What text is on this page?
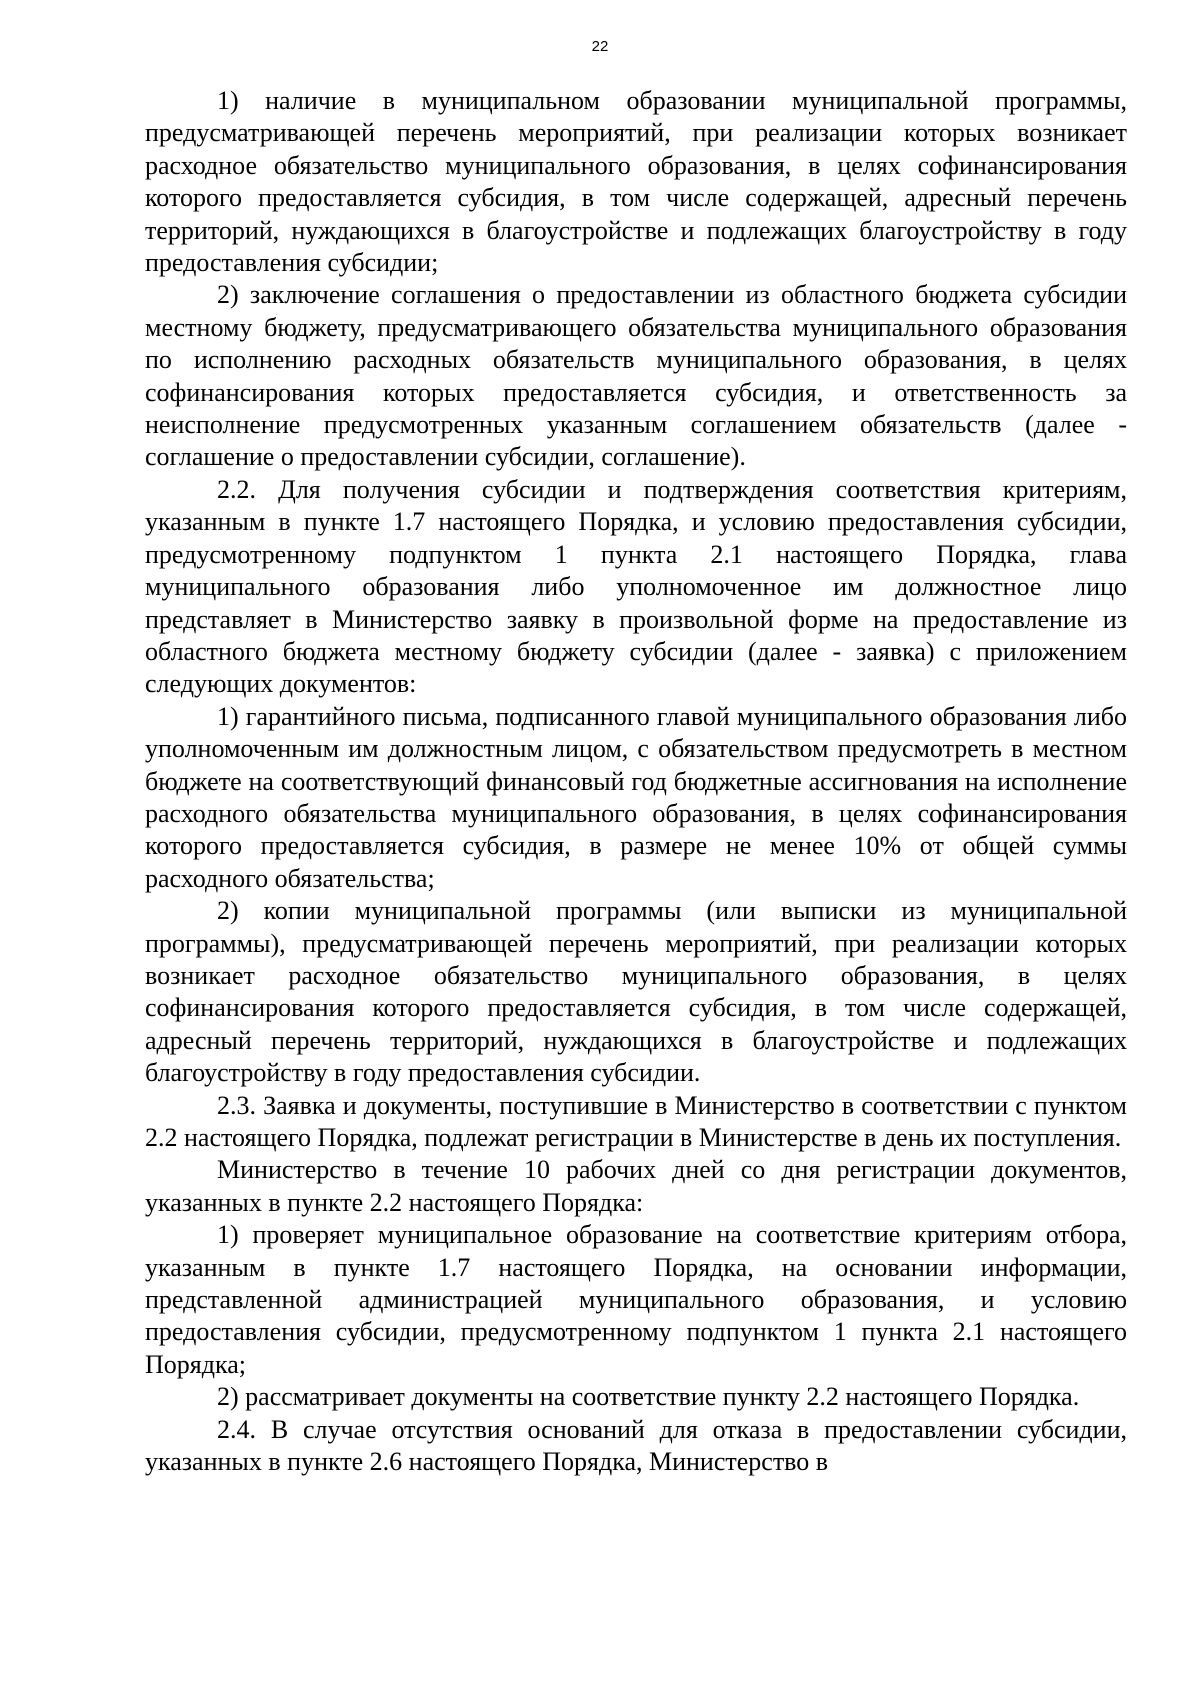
22

1) наличие в муниципальном образовании муниципальной программы, предусматривающей перечень мероприятий, при реализации которых возникает расходное обязательство муниципального образования, в целях софинансирования которого предоставляется субсидия, в том числе содержащей, адресный перечень территорий, нуждающихся в благоустройстве и подлежащих благоустройству в году предоставления субсидии;

2) заключение соглашения о предоставлении из областного бюджета субсидии местному бюджету, предусматривающего обязательства муниципального образования по исполнению расходных обязательств муниципального образования, в целях софинансирования которых предоставляется субсидия, и ответственность за неисполнение предусмотренных указанным соглашением обязательств (далее - соглашение о предоставлении субсидии, соглашение).

2.2. Для получения субсидии и подтверждения соответствия критериям, указанным в пункте 1.7 настоящего Порядка, и условию предоставления субсидии, предусмотренному подпунктом 1 пункта 2.1 настоящего Порядка, глава муниципального образования либо уполномоченное им должностное лицо представляет в Министерство заявку в произвольной форме на предоставление из областного бюджета местному бюджету субсидии (далее - заявка) с приложением следующих документов:

1) гарантийного письма, подписанного главой муниципального образования либо уполномоченным им должностным лицом, с обязательством предусмотреть в местном бюджете на соответствующий финансовый год бюджетные ассигнования на исполнение расходного обязательства муниципального образования, в целях софинансирования которого предоставляется субсидия, в размере не менее 10% от общей суммы расходного обязательства;

2) копии муниципальной программы (или выписки из муниципальной программы), предусматривающей перечень мероприятий, при реализации которых возникает расходное обязательство муниципального образования, в целях софинансирования которого предоставляется субсидия, в том числе содержащей, адресный перечень территорий, нуждающихся в благоустройстве и подлежащих благоустройству в году предоставления субсидии.

2.3. Заявка и документы, поступившие в Министерство в соответствии с пунктом 2.2 настоящего Порядка, подлежат регистрации в Министерстве в день их поступления.

Министерство в течение 10 рабочих дней со дня регистрации документов, указанных в пункте 2.2 настоящего Порядка:

1) проверяет муниципальное образование на соответствие критериям отбора, указанным в пункте 1.7 настоящего Порядка, на основании информации, представленной администрацией муниципального образования, и условию предоставления субсидии, предусмотренному подпунктом 1 пункта 2.1 настоящего Порядка;

2) рассматривает документы на соответствие пункту 2.2 настоящего Порядка.

2.4. В случае отсутствия оснований для отказа в предоставлении субсидии, указанных в пункте 2.6 настоящего Порядка, Министерство в
